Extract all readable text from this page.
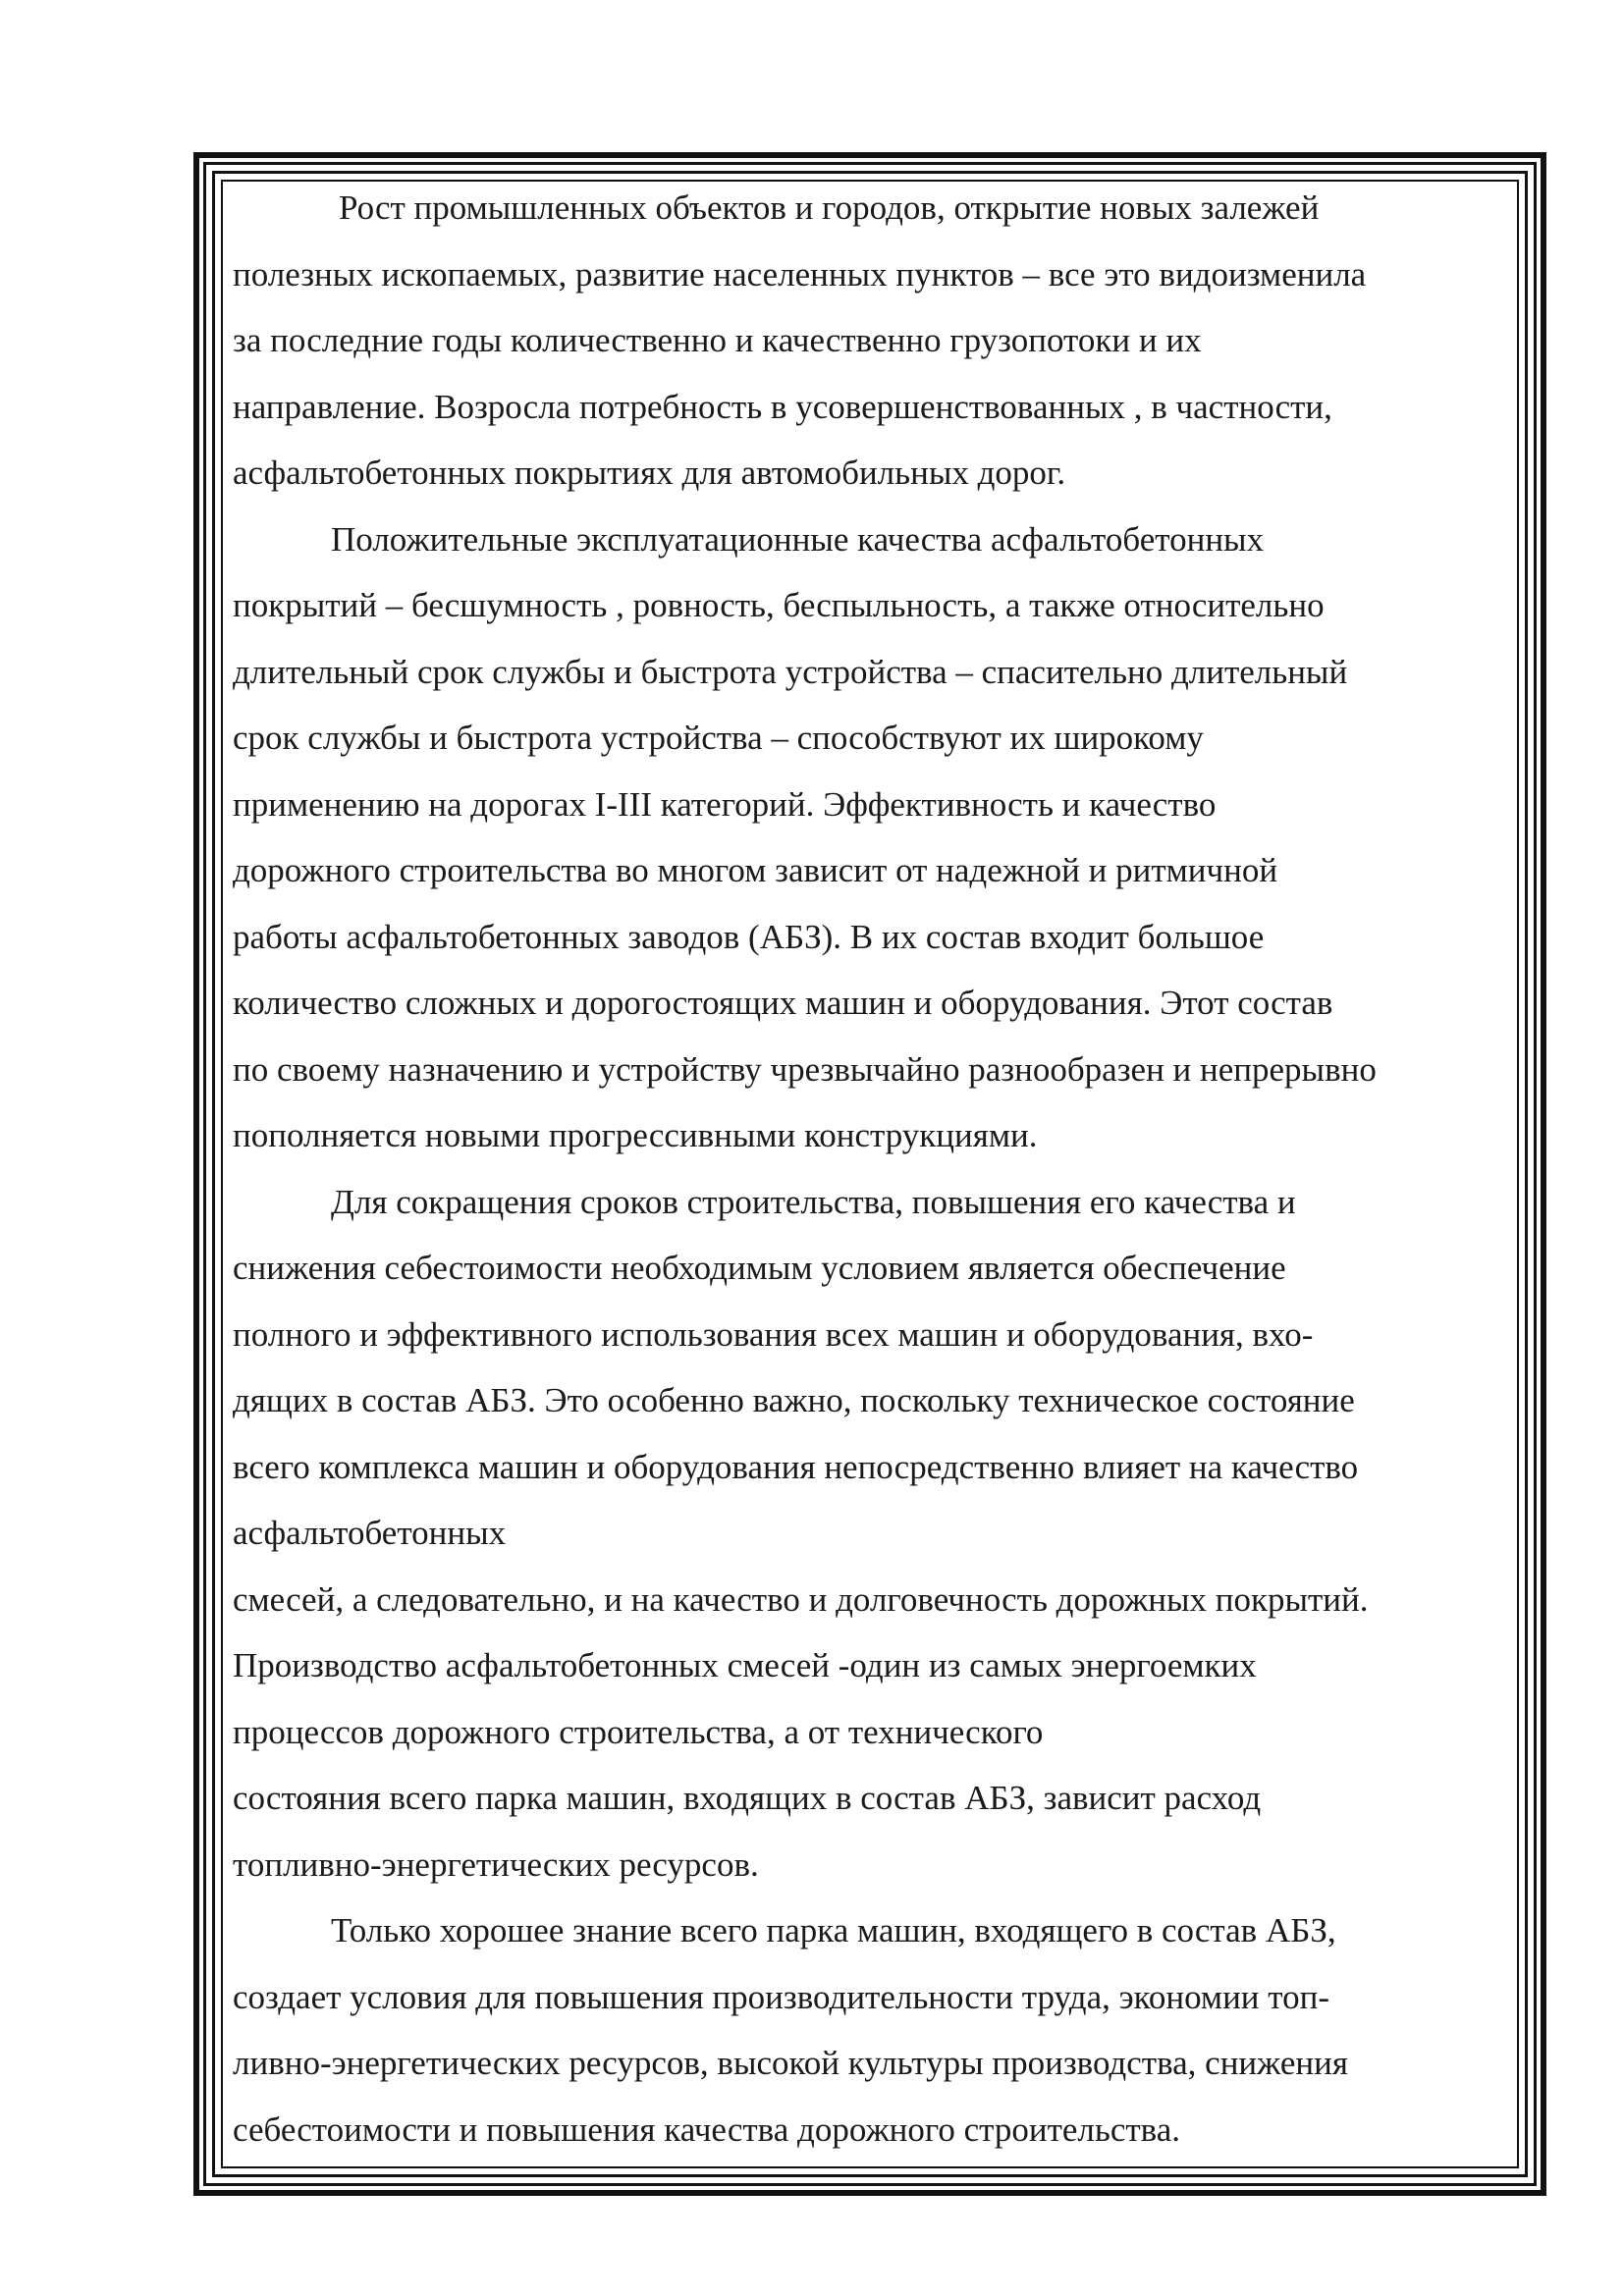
Рост промышленных объектов и городов, открытие новых залежей
полезных ископаемых, развитие населенных пунктов – все это видоизменила
за последние годы количественно и качественно грузопотоки и их
направление. Возросла потребность в усовершенствованных , в частности,
асфальтобетонных покрытиях для автомобильных дорог.

Положительные эксплуатационные качества асфальтобетонных
покрытий – бесшумность , ровность, беспыльность, а также относительно
длительный срок службы и быстрота устройства – спасительно длительный
срок службы и быстрота устройства – способствуют их широкому
применению на дорогах I-III категорий. Эффективность и качество
дорожного строительства во многом зависит от надежной и ритмичной
работы асфальтобетонных заводов (АБЗ). В их состав входит большое
количество сложных и дорогостоящих машин и оборудования. Этот состав
по своему назначению и устройству чрезвычайно разнообразен и непрерывно
пополняется новыми прогрессивными конструкциями.

Для сокращения сроков строительства, повышения его качества и
снижения себестоимости необходимым условием является обеспечение
полного и эффективного использования всех машин и оборудования, вхо-
дящих в состав АБЗ. Это особенно важно, поскольку техническое состояние
всего комплекса машин и оборудования непосредственно влияет на качество
асфальтобетонных
смесей, а следовательно, и на качество и долговечность дорожных покрытий.
Производство асфальтобетонных смесей -один из самых энергоемких
процессов дорожного строительства, а от технического
состояния всего парка машин, входящих в состав АБЗ, зависит расход
топливно-энергетических ресурсов.

Только хорошее знание всего парка машин, входящего в состав АБЗ,
создает условия для повышения производительности труда, экономии топ-
ливно-энергетических ресурсов, высокой культуры производства, снижения
себестоимости и повышения качества дорожного строительства.
